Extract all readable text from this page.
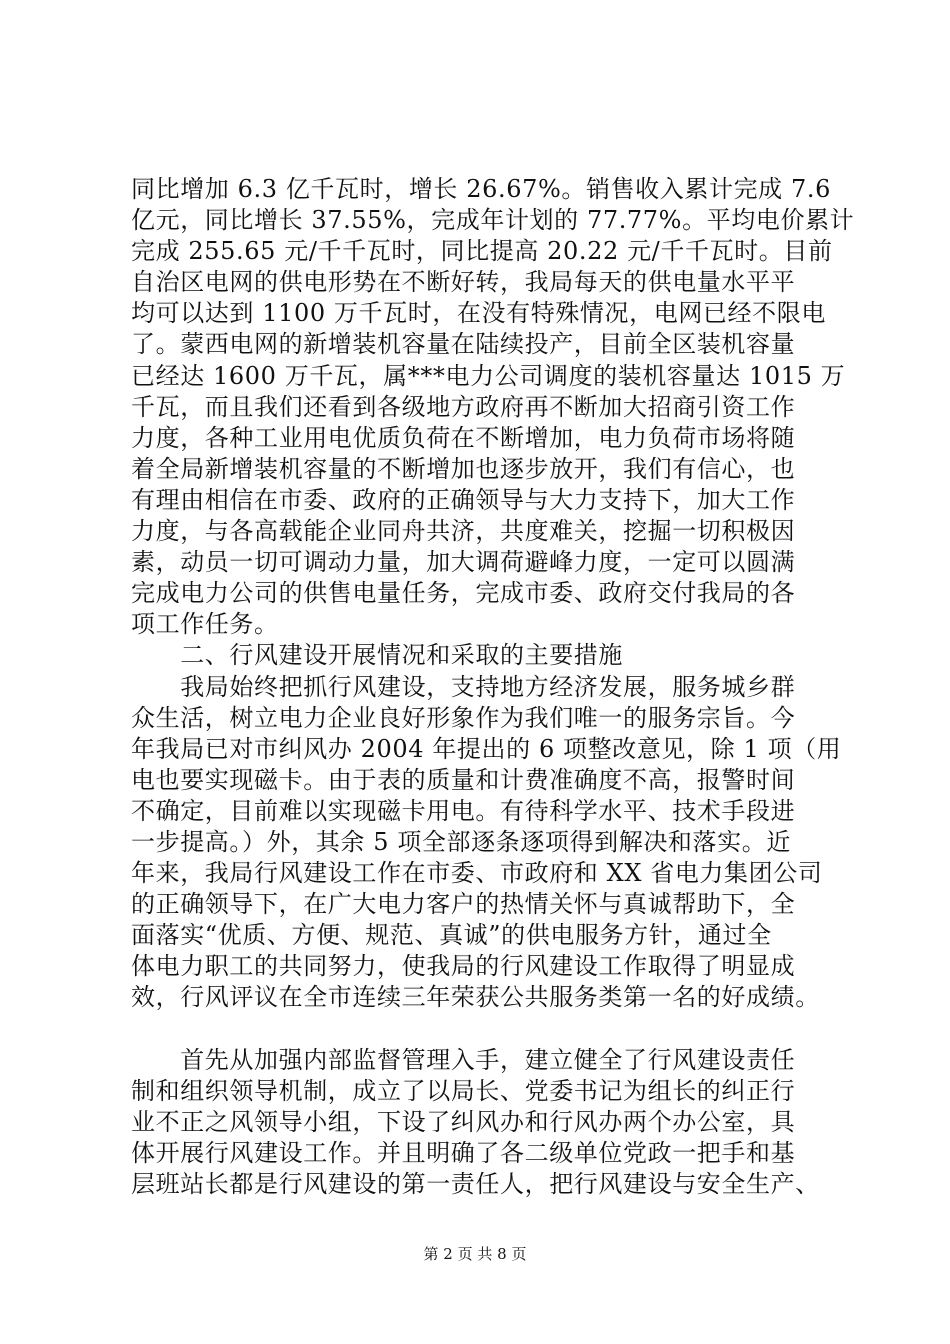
同比增加 6.3 亿千瓦时，增长 26.67%。销售收入累计完成 7.6
亿元，同比增长 37.55%，完成年计划的 77.77%。平均电价累计
完成 255.65 元/千千瓦时，同比提高 20.22 元/千千瓦时。目前
自治区电网的供电形势在不断好转，我局每天的供电量水平平
均可以达到 1100 万千瓦时，在没有特殊情况，电网已经不限电
了。蒙西电网的新增装机容量在陆续投产，目前全区装机容量
已经达 1600 万千瓦，属***电力公司调度的装机容量达 1015 万
千瓦，而且我们还看到各级地方政府再不断加大招商引资工作
力度，各种工业用电优质负荷在不断增加，电力负荷市场将随
着全局新增装机容量的不断增加也逐步放开，我们有信心，也
有理由相信在市委、政府的正确领导与大力支持下，加大工作
力度，与各高载能企业同舟共济，共度难关，挖掘一切积极因
素，动员一切可调动力量，加大调荷避峰力度，一定可以圆满
完成电力公司的供售电量任务，完成市委、政府交付我局的各
项工作任务。
　　二、行风建设开展情况和采取的主要措施
　　我局始终把抓行风建设，支持地方经济发展，服务城乡群
众生活，树立电力企业良好形象作为我们唯一的服务宗旨。今
年我局已对市纠风办 2004 年提出的 6 项整改意见，除 1 项（用
电也要实现磁卡。由于表的质量和计费准确度不高，报警时间
不确定，目前难以实现磁卡用电。有待科学水平、技术手段进
一步提高。）外，其余 5 项全部逐条逐项得到解决和落实。近
年来，我局行风建设工作在市委、市政府和 XX 省电力集团公司
的正确领导下，在广大电力客户的热情关怀与真诚帮助下，全
面落实“优质、方便、规范、真诚”的供电服务方针，通过全
体电力职工的共同努力，使我局的行风建设工作取得了明显成
效，行风评议在全市连续三年荣获公共服务类第一名的好成绩。
　　首先从加强内部监督管理入手，建立健全了行风建设责任
制和组织领导机制，成立了以局长、党委书记为组长的纠正行
业不正之风领导小组，下设了纠风办和行风办两个办公室，具
体开展行风建设工作。并且明确了各二级单位党政一把手和基
层班站长都是行风建设的第一责任人，把行风建设与安全生产、
第 2 页 共 8 页
